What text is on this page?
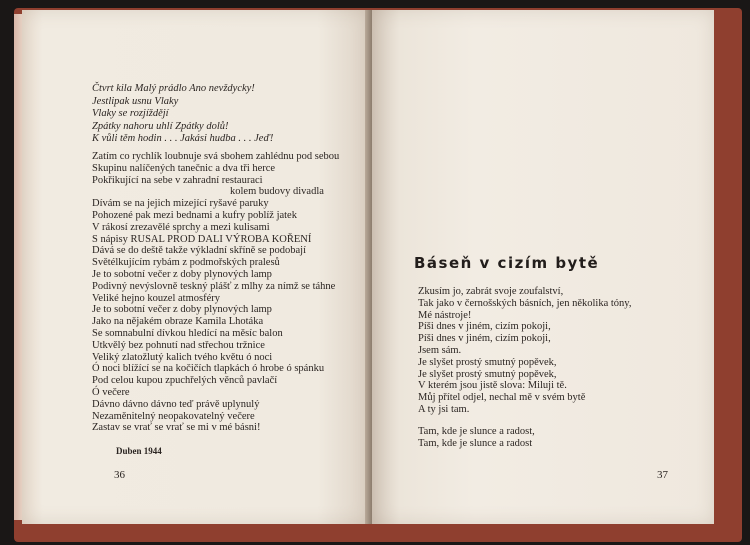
Čtvrt kila Malý prádlo Ano nevždycky!
Jestlipak usnu Vlaky
Vlaky se rozjíždějí
Zpátky nahoru uhlí Zpátky dolů!
K vůli těm hodin . . . Jakási hudba . . . Jeď!
Zatím co rychlík loubnuje svá sbohem zahlédnu pod sebou
Skupinu nalíčených tanečnic a dva tři herce
Pokřikující na sebe v zahradní restauraci
kolem budovy divadla
Dívám se na jejich mizející ryšavé paruky
Pohozené pak mezi bednami a kufry poblíž jatek
V rákosí zrezavělé sprchy a mezi kulisami
S nápisy RUSAL PROD DALI VÝROBA KOŘENÍ
Dává se do deště takže výkladní skříně se podobají
Světélkujícím rybám z podmořských pralesů
Je to sobotní večer z doby plynových lamp
Podivný nevýslovně teskný plášť z mlhy za nímž se táhne
Veliké hejno kouzel atmosféry
Je to sobotní večer z doby plynových lamp
Jako na nějakém obraze Kamila Lhotáka
Se somnabulní dívkou hledící na měsíc balon
Utkvělý bez pohnutí nad střechou tržnice
Veliký zlatožlutý kalich tvého květu ó noci
Ó noci blížící se na kočičích tlapkách ó hrobe ó spánku
Pod celou kupou zpuchřelých věnců pavlačí
Ó večere
Dávno dávno dávno teď právě uplynulý
Nezaměnitelný neopakovatelný večere
Zastav se vrať se vrať se mi v mé básni!
Duben 1944
36
Báseň v cizím bytě
Zkusím jo, zabrát svoje zoufalství,
Tak jako v černošských básních, jen několika tóny,
Mé nástroje!
Píši dnes v jiném, cizím pokoji,
Píši dnes v jiném, cizím pokoji,
Jsem sám.
Je slyšet prostý smutný popěvek,
Je slyšet prostý smutný popěvek,
V kterém jsou jistě slova: Miluji tě.
Můj přítel odjel, nechal mě v svém bytě
A ty jsi tam.
Tam, kde je slunce a radost,
Tam, kde je slunce a radost
37
